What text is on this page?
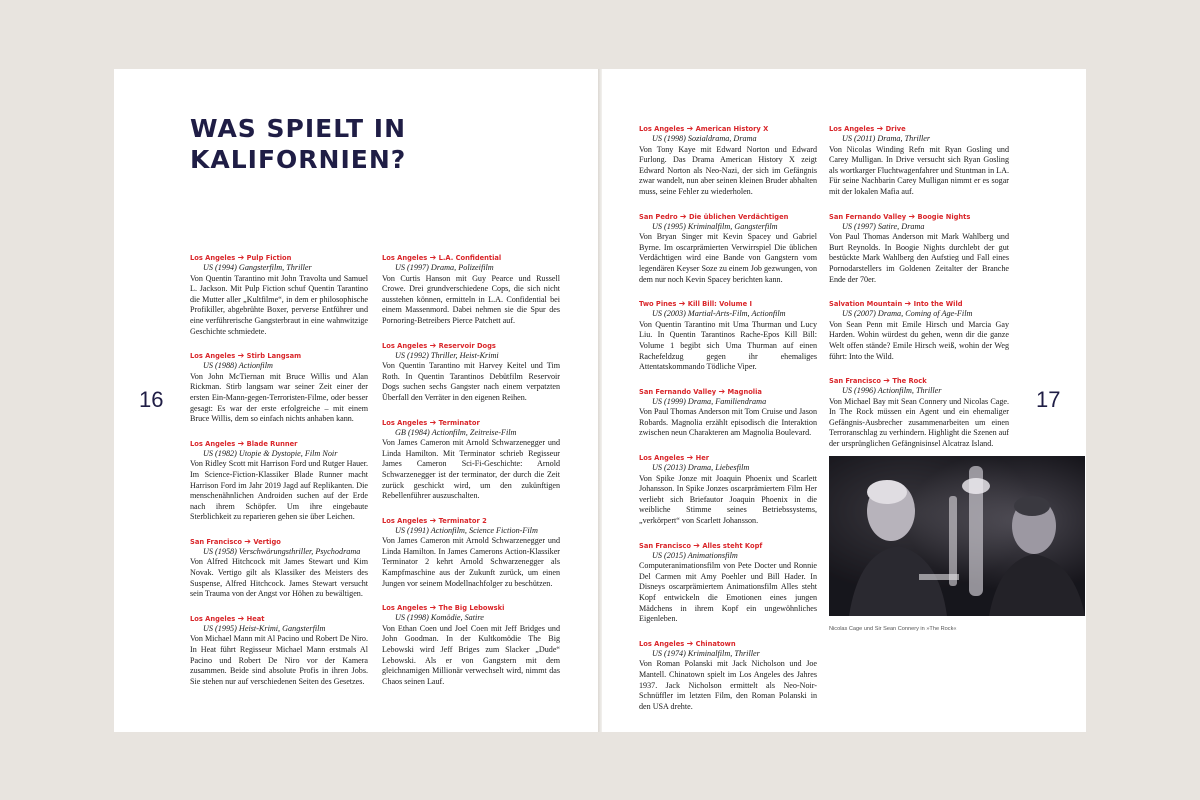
WAS SPIELT IN KALIFORNIEN?
16	17
Los Angeles ➔ Pulp Fiction
US (1994) Gangsterfilm, Thriller
Von Quentin Tarantino mit John Travolta und Samuel L. Jackson. Mit Pulp Fiction schuf Quentin Tarantino die Mutter aller „Kultfilme“, in dem er philosophische Profikiller, abgebrühte Boxer, perverse Entführer und eine verführerische Gangsterbraut in eine wahnwitzige Geschichte schmiedete.
Los Angeles ➔ Stirb Langsam
US (1988) Actionfilm
Von John McTiernan mit Bruce Willis und Alan Rickman. Stirb langsam war seiner Zeit einer der ersten Ein-Mann-gegen-Terroristen-Filme, oder besser gesagt: Es war der erste erfolgreiche – mit einem Bruce Willis, dem so einfach nichts anhaben kann.
Los Angeles ➔ Blade Runner
US (1982) Utopie & Dystopie, Film Noir
Von Ridley Scott mit Harrison Ford und Rutger Hauer. Im Science-Fiction-Klassiker Blade Runner macht Harrison Ford im Jahr 2019 Jagd auf Replikanten. Die menschenähnlichen Androiden suchen auf der Erde nach ihrem Schöpfer. Um ihre eingebaute Sterblichkeit zu reparieren gehen sie über Leichen.
San Francisco ➔ Vertigo
US (1958) Verschwörungsthriller, Psychodrama
Von Alfred Hitchcock mit James Stewart und Kim Novak. Vertigo gilt als Klassiker des Meisters des Suspense, Alfred Hitchcock. James Stewart versucht sein Trauma von der Angst vor Höhen zu bewältigen.
Los Angeles ➔ Heat
US (1995) Heist-Krimi, Gangsterfilm
Von Michael Mann mit Al Pacino und Robert De Niro. In Heat führt Regisseur Michael Mann erstmals Al Pacino und Robert De Niro vor der Kamera zusammen. Beide sind absolute Profis in ihren Jobs. Sie stehen nur auf verschiedenen Seiten des Gesetzes.
Los Angeles ➔ L.A. Confidential
US (1997) Drama, Polizeifilm
Von Curtis Hanson mit Guy Pearce und Russell Crowe. Drei grundverschiedene Cops, die sich nicht ausstehen können, ermitteln in L.A. Confidential bei einem Massenmord. Dabei nehmen sie die Spur des Pornoring-Betreibers Pierce Patchett auf.
Los Angeles ➔ Reservoir Dogs
US (1992) Thriller, Heist-Krimi
Von Quentin Tarantino mit Harvey Keitel und Tim Roth. In Quentin Tarantinos Debütfilm Reservoir Dogs suchen sechs Gangster nach einem verpatzten Überfall den Verräter in den eigenen Reihen.
Los Angeles ➔ Terminator
GB (1984) Actionfilm, Zeitreise-Film
Von James Cameron mit Arnold Schwarzenegger und Linda Hamilton. Mit Terminator schrieb Regisseur James Cameron Sci-Fi-Geschichte: Arnold Schwarzenegger ist der terminator, der durch die Zeit zurück geschickt wird, um den zukünftigen Rebellenführer auszuschalten.
Los Angeles ➔ Terminator 2
US (1991) Actionfilm, Science Fiction-Film
Von James Cameron mit Arnold Schwarzenegger und Linda Hamilton. In James Camerons Action-Klassiker Terminator 2 kehrt Arnold Schwarzenegger als Kampfmaschine aus der Zukunft zurück, um einen Jungen vor seinem Modellnachfolger zu beschützen.
Los Angeles ➔ The Big Lebowski
US (1998) Komödie, Satire
Von Ethan Coen und Joel Coen mit Jeff Bridges und John Goodman. In der Kultkomödie The Big Lebowski wird Jeff Briges zum Slacker „Dude“ Lebowski. Als er von Gangstern mit dem gleichnamigen Millionär verwechselt wird, nimmt das Chaos seinen Lauf.
Los Angeles ➔ American History X
US (1998) Sozialdrama, Drama
Von Tony Kaye mit Edward Norton und Edward Furlong. Das Drama American History X zeigt Edward Norton als Neo-Nazi, der sich im Gefängnis zwar wandelt, nun aber seinen kleinen Bruder abhalten muss, seine Fehler zu wiederholen.
San Pedro ➔ Die üblichen Verdächtigen
US (1995) Kriminalfilm, Gangsterfilm
Von Bryan Singer mit Kevin Spacey und Gabriel Byrne. Im oscarprämierten Verwirrspiel Die üblichen Verdächtigen wird eine Bande von Gangstern vom legendären Keyser Soze zu einem Job gezwungen, von dem nur noch Kevin Spacey berichten kann.
Two Pines ➔ Kill Bill: Volume I
US (2003) Martial-Arts-Film, Actionfilm
Von Quentin Tarantino mit Uma Thurman und Lucy Liu. In Quentin Tarantinos Rache-Epos Kill Bill: Volume 1 begibt sich Uma Thurman auf einen Rachefeldzug gegen ihr ehemaliges Attentatskommando Tödliche Viper.
San Fernando Valley ➔ Magnolia
US (1999) Drama, Familiendrama
Von Paul Thomas Anderson mit Tom Cruise und Jason Robards. Magnolia erzählt episodisch die Interaktion zwischen neun Charakteren am Magnolia Boulevard.
Los Angeles ➔ Her
US (2013) Drama, Liebesfilm
Von Spike Jonze mit Joaquin Phoenix und Scarlett Johansson. In Spike Jonzes oscarprämiertem Film Her verliebt sich Briefautor Joaquin Phoenix in die weibliche Stimme seines Betriebssystems, „verkörpert“ von Scarlett Johansson.
San Francisco ➔ Alles steht Kopf
US (2015) Animationsfilm
Computeranimationsfilm von Pete Docter und Ronnie Del Carmen mit Amy Poehler und Bill Hader. In Disneys oscarprämiertem Animationsfilm Alles steht Kopf entwickeln die Emotionen eines jungen Mädchens in ihrem Kopf ein ungewöhnliches Eigenleben.
Los Angeles ➔ Chinatown
US (1974) Kriminalfilm, Thriller
Von Roman Polanski mit Jack Nicholson und Joe Mantell. Chinatown spielt im Los Angeles des Jahres 1937. Jack Nicholson ermittelt als Neo-Noir-Schnüffler im letzten Film, den Roman Polanski in den USA drehte.
Los Angeles ➔ Drive
US (2011) Drama, Thriller
Von Nicolas Winding Refn mit Ryan Gosling und Carey Mulligan. In Drive versucht sich Ryan Gosling als wortkarger Fluchtwagenfahrer und Stuntman in LA. Für seine Nachbarin Carey Mulligan nimmt er es sogar mit der lokalen Mafia auf.
San Fernando Valley ➔ Boogie Nights
US (1997) Satire, Drama
Von Paul Thomas Anderson mit Mark Wahlberg und Burt Reynolds. In Boogie Nights durchlebt der gut bestückte Mark Wahlberg den Aufstieg und Fall eines Pornodarstellers im Goldenen Zeitalter der Branche Ende der 70er.
Salvation Mountain ➔ Into the Wild
US (2007) Drama, Coming of Age-Film
Von Sean Penn mit Emile Hirsch und Marcia Gay Harden. Wohin würdest du gehen, wenn dir die ganze Welt offen stände? Emile Hirsch weiß, wohin der Weg führt: Into the Wild.
San Francisco ➔ The Rock
US (1996) Actionfilm, Thriller
Von Michael Bay mit Sean Connery und Nicolas Cage. In The Rock müssen ein Agent und ein ehemaliger Gefängnis-Ausbrecher zusammenarbeiten um einen Terroranschlag zu verhindern. Highlight die Szenen auf der ursprünglichen Gefängnisinsel Alcatraz Island.
Nicolas Cage und Sir Sean Connery in »The Rock«
